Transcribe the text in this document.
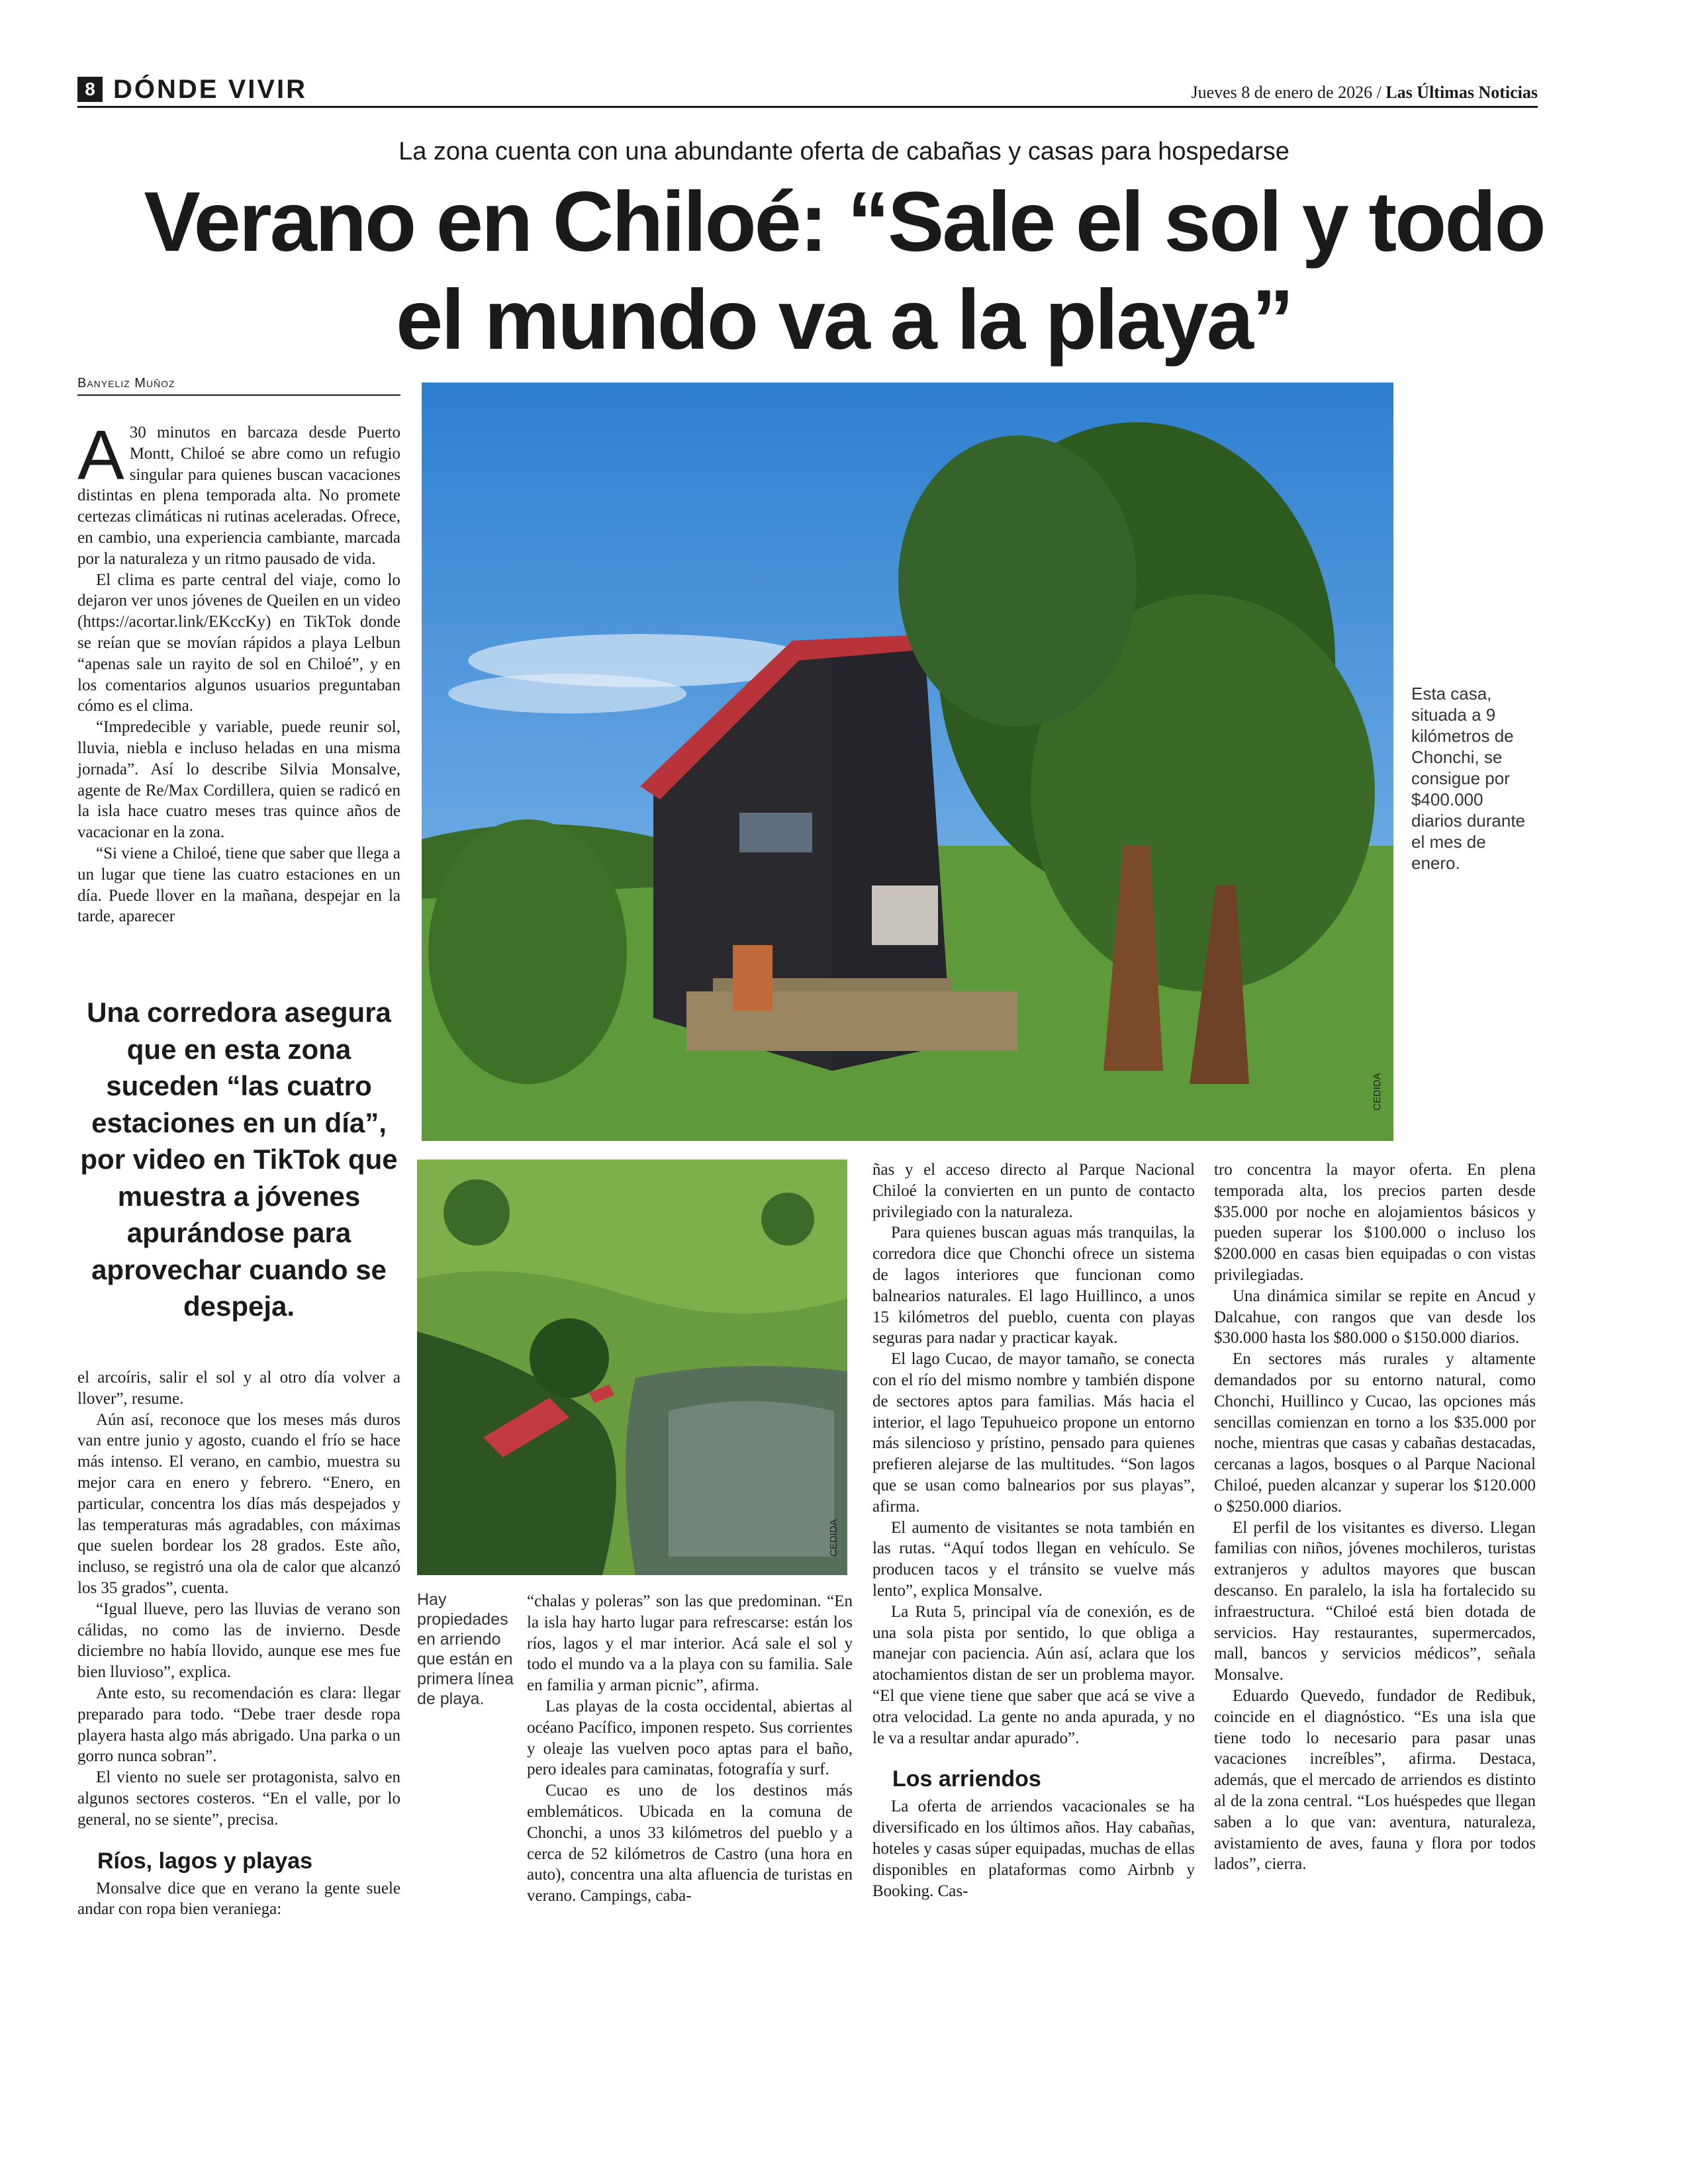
8 DÓNDE VIVIR	Jueves 8 de enero de 2026 / Las Últimas Noticias
La zona cuenta con una abundante oferta de cabañas y casas para hospedarse
Verano en Chiloé: “Sale el sol y todo el mundo va a la playa”
Banyeliz Muñoz

A 30 minutos en barcaza desde Puerto Montt, Chiloé se abre como un refugio singular para quienes buscan vacaciones distintas en plena temporada alta. No promete certezas climáticas ni rutinas aceleradas. Ofrece, en cambio, una experiencia cambiante, marcada por la naturaleza y un ritmo pausado de vida.

El clima es parte central del viaje, como lo dejaron ver unos jóvenes de Queilen en un video (https://acortar.link/EKccKy) en TikTok donde se reían que se movían rápidos a playa Lelbun “apenas sale un rayito de sol en Chiloé”, y en los comentarios algunos usuarios preguntaban cómo es el clima.

“Impredecible y variable, puede reunir sol, lluvia, niebla e incluso heladas en una misma jornada”. Así lo describe Silvia Monsalve, agente de Re/Max Cordillera, quien se radicó en la isla hace cuatro meses tras quince años de vacacionar en la zona.

“Si viene a Chiloé, tiene que saber que llega a un lugar que tiene las cuatro estaciones en un día. Puede llover en la mañana, despejar en la tarde, aparecer

Una corredora asegura que en esta zona suceden “las cuatro estaciones en un día”, por video en TikTok que muestra a jóvenes apurándose para aprovechar cuando se despeja.

el arcoíris, salir el sol y al otro día volver a llover”, resume.

Aún así, reconoce que los meses más duros van entre junio y agosto, cuando el frío se hace más intenso. El verano, en cambio, muestra su mejor cara en enero y febrero. “Enero, en particular, concentra los días más despejados y las temperaturas más agradables, con máximas que suelen bordear los 28 grados. Este año, incluso, se registró una ola de calor que alcanzó los 35 grados”, cuenta.

“Igual llueve, pero las lluvias de verano son cálidas, no como las de invierno. Desde diciembre no había llovido, aunque ese mes fue bien lluvioso”, explica.

Ante esto, su recomendación es clara: llegar preparado para todo. “Debe traer desde ropa playera hasta algo más abrigado. Una parka o un gorro nunca sobran”.

El viento no suele ser protagonista, salvo en algunos sectores costeros. “En el valle, por lo general, no se siente”, precisa.

Ríos, lagos y playas

Monsalve dice que en verano la gente suele andar con ropa bien veraniega:

CEDIDA
Esta casa, situada a 9 kilómetros de Chonchi, se consigue por $400.000 diarios durante el mes de enero.
CEDIDA
Hay propiedades en arriendo que están en primera línea de playa.

“chalas y poleras” son las que predominan. “En la isla hay harto lugar para refrescarse: están los ríos, lagos y el mar interior. Acá sale el sol y todo el mundo va a la playa con su familia. Sale en familia y arman picnic”, afirma.

Las playas de la costa occidental, abiertas al océano Pacífico, imponen respeto. Sus corrientes y oleaje las vuelven poco aptas para el baño, pero ideales para caminatas, fotografía y surf.

Cucao es uno de los destinos más emblemáticos. Ubicada en la comuna de Chonchi, a unos 33 kilómetros del pueblo y a cerca de 52 kilómetros de Castro (una hora en auto), concentra una alta afluencia de turistas en verano. Campings, caba-

ñas y el acceso directo al Parque Nacional Chiloé la convierten en un punto de contacto privilegiado con la naturaleza.

Para quienes buscan aguas más tranquilas, la corredora dice que Chonchi ofrece un sistema de lagos interiores que funcionan como balnearios naturales. El lago Huillinco, a unos 15 kilómetros del pueblo, cuenta con playas seguras para nadar y practicar kayak.

El lago Cucao, de mayor tamaño, se conecta con el río del mismo nombre y también dispone de sectores aptos para familias. Más hacia el interior, el lago Tepuhueico propone un entorno más silencioso y prístino, pensado para quienes prefieren alejarse de las multitudes. “Son lagos que se usan como balnearios por sus playas”, afirma.

El aumento de visitantes se nota también en las rutas. “Aquí todos llegan en vehículo. Se producen tacos y el tránsito se vuelve más lento”, explica Monsalve.

La Ruta 5, principal vía de conexión, es de una sola pista por sentido, lo que obliga a manejar con paciencia. Aún así, aclara que los atochamientos distan de ser un problema mayor. “El que viene tiene que saber que acá se vive a otra velocidad. La gente no anda apurada, y no le va a resultar andar apurado”.

Los arriendos

La oferta de arriendos vacacionales se ha diversificado en los últimos años. Hay cabañas, hoteles y casas súper equipadas, muchas de ellas disponibles en plataformas como Airbnb y Booking. Cas-

tro concentra la mayor oferta. En plena temporada alta, los precios parten desde $35.000 por noche en alojamientos básicos y pueden superar los $100.000 o incluso los $200.000 en casas bien equipadas o con vistas privilegiadas.

Una dinámica similar se repite en Ancud y Dalcahue, con rangos que van desde los $30.000 hasta los $80.000 o $150.000 diarios.

En sectores más rurales y altamente demandados por su entorno natural, como Chonchi, Huillinco y Cucao, las opciones más sencillas comienzan en torno a los $35.000 por noche, mientras que casas y cabañas destacadas, cercanas a lagos, bosques o al Parque Nacional Chiloé, pueden alcanzar y superar los $120.000 o $250.000 diarios.

El perfil de los visitantes es diverso. Llegan familias con niños, jóvenes mochileros, turistas extranjeros y adultos mayores que buscan descanso. En paralelo, la isla ha fortalecido su infraestructura. “Chiloé está bien dotada de servicios. Hay restaurantes, supermercados, mall, bancos y servicios médicos”, señala Monsalve.

Eduardo Quevedo, fundador de Redibuk, coincide en el diagnóstico. “Es una isla que tiene todo lo necesario para pasar unas vacaciones increíbles”, afirma. Destaca, además, que el mercado de arriendos es distinto al de la zona central. “Los huéspedes que llegan saben a lo que van: aventura, naturaleza, avistamiento de aves, fauna y flora por todos lados”, cierra.
